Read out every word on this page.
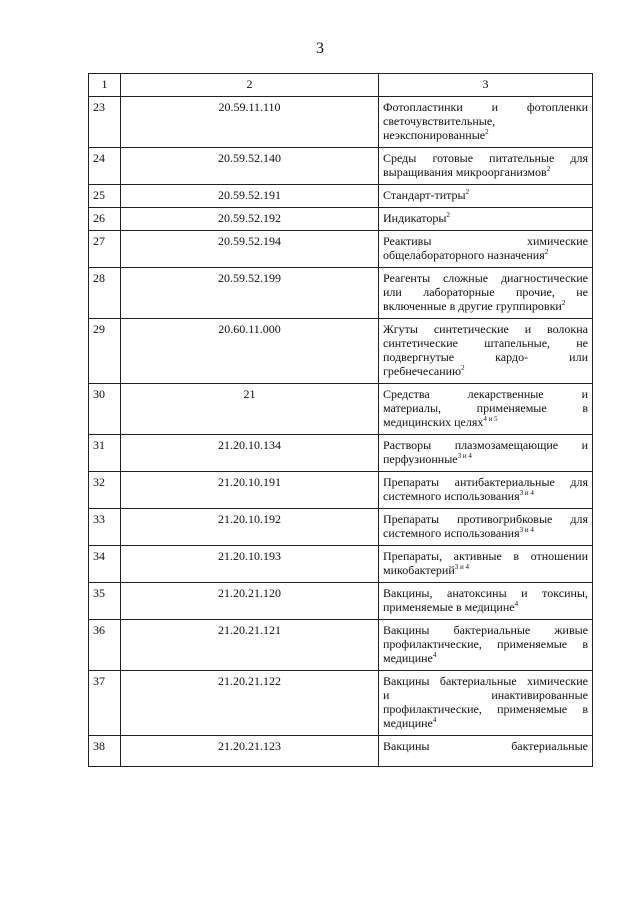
3
1	2	3
23	20.59.11.110	Фотопластинки и фотопленки
светочувствительные,
неэкспонированные$^2$
24	20.59.52.140	Среды готовые питательные для
выращивания микроорганизмов$^2$
25	20.59.52.191	Стандарт-титры$^2$
26	20.59.52.192	Индикаторы$^2$
27	20.59.52.194	Реактивы химические
общелабораторного назначения$^2$
28	20.59.52.199	Реагенты сложные диагностические
или лабораторные прочие, не
включенные в другие группировки$^2$
29	20.60.11.000	Жгуты синтетические и волокна
синтетические штапельные, не
подвергнутые кардо- или
гребнечесанию$^2$
30	21	Средства лекарственные и
материалы, применяемые в
медицинских целях$^{4 и 5}$
31	21.20.10.134	Растворы плазмозамещающие и
перфузионные$^{3 и 4}$
32	21.20.10.191	Препараты антибактериальные для
системного использования$^{3 и 4}$
33	21.20.10.192	Препараты противогрибковые для
системного использования$^{3 и 4}$
34	21.20.10.193	Препараты, активные в отношении
микобактерий$^{3 и 4}$
35	21.20.21.120	Вакцины, анатоксины и токсины,
применяемые в медицине$^4$
36	21.20.21.121	Вакцины бактериальные живые
профилактические, применяемые в
медицине$^4$
37	21.20.21.122	Вакцины бактериальные химические
и инактивированные
профилактические, применяемые в
медицине$^4$
38	21.20.21.123	Вакцины бактериальные
